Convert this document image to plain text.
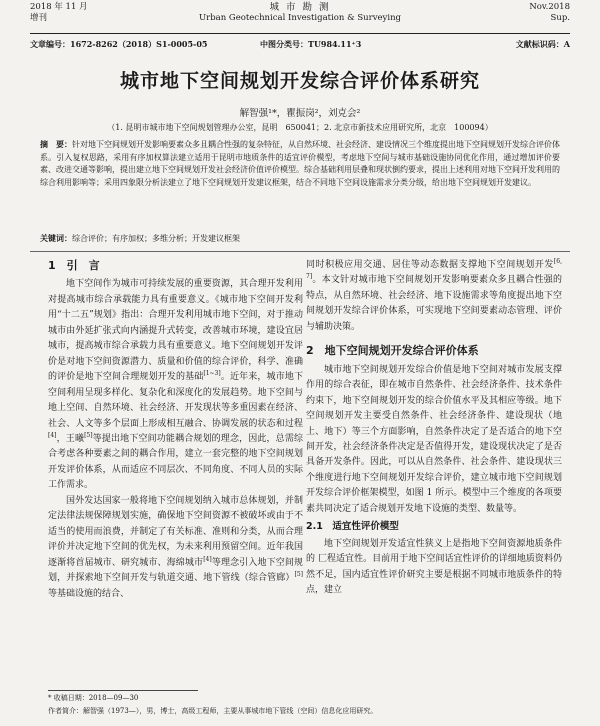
2018 年 11 月
增刊
城 市 勘 测
Urban Geotechnical Investigation & Surveying
Nov.2018
Sup.
文章编号：1672-8262（2018）S1-0005-05	中图分类号：TU984.11⁺3	文献标识码：A
城市地下空间规划开发综合评价体系研究
解智强¹*，瞿振岗²，刘克会²
（1. 昆明市城市地下空间规划管理办公室，昆明　650041；2. 北京市新技术应用研究所，北京　100094）
摘　要：针对地下空间规划开发影响要素众多且耦合性强的复杂特征，从自然环境、社会经济、建设情况三个维度提出地下空间规划开发综合评价体系。引入复权思路，采用有序加权算法建立适用于昆明市地质条件的适宜评价模型，考虑地下空间与城市基础设施协同优化作用，通过增加评价要素、改进交通等影响，提出建立地下空间规划开发社会经济价值评价模型。综合基础利用层叠和现状倒约要求，提出上述利用对地下空间开发利用的综合利用影响等；采用四象限分析法建立了地下空间规划开发建议框架，结合不同地下空间设施需求分类分级，给出地下空间规划开发建议。
关键词：综合评价；有序加权；多维分析；开发建议框架
1　引　言

地下空间作为城市可持续发展的重要资源，其合理开发利用对提高城市综合承载能力具有重要意义。《城市地下空间开发利用“十二五”规划》指出：合理开发利用城市地下空间，对于推动城市由外延扩张式向内涵提升式转变，改善城市环境，建设宜居城市，提高城市综合承载力具有重要意义。地下空间规划开发评价是对地下空间资源潜力、质量和价值的综合评价，科学、准确的评价是地下空间合理规划开发的基础[1~3]。近年来，城市地下空间利用呈现多样化、复杂化和深度化的发展趋势。地下空间与地上空间、自然环境、社会经济、开发现状等多重因素在经济、社会、人文等多个层面上形成相互融合、协调发展的状态和过程[4]，王曦[5]等提出地下空间功能耦合规划的理念，因此，总需综合考虑各种要素之间的耦合作用，建立一套完整的地下空间规划开发评价体系，从而适应不同层次、不同角度、不同人员的实际工作需求。

国外发达国家一般将地下空间规划纳入城市总体规划，并制定法律法规保障规划实施，确保地下空间资源不被破坏或由于不适当的使用而浪费，并制定了有关标准、准则和分类，从而合理评价并决定地下空间的优先权，为未来利用预留空间。近年我国逐渐将首届城市、研究城市、海绵城市[4]等理念引入地下空间规划，并探索地下空间开发与轨道交通、地下管线（综合管廊）[5]等基础设施的结合、

同时积极应用交通、居住等动态数据支撑地下空间规划开发[6, 7]。本文针对城市地下空间规划开发影响要素众多且耦合性强的特点，从自然环境、社会经济、地下设施需求等角度提出地下空间规划开发综合评价体系，可实现地下空间要素动态管理、评价与辅助决策。

2　地下空间规划开发综合评价体系

城市地下空间规划开发综合价值是地下空间对城市发展支撑作用的综合表征，即在城市自然条件、社会经济条件、技术条件约束下，地下空间规划开发的综合价值水平及其相应等级。地下空间规划开发主要受自然条件、社会经济条件、建设现状（地上、地下）等三个方面影响，自然条件决定了是否适合的地下空间开发，社会经济条件决定是否值得开发，建设现状决定了是否具备开发条件。因此，可以从自然条件、社会条件、建设现状三个维度进行地下空间规划开发综合评价，建立城市地下空间规划开发综合评价框架模型，如图 1 所示。模型中三个维度的各项要素共同决定了适合规划开发地下设施的类型、数量等。

2.1　适宜性评价模型

地下空间规划开发适宜性狭义上是指地下空间资源地质条件的 匚程适宜性。目前用于地下空间话宜性评价的详细地质资料仍然不足，国内适宜性评价研究主要是根据不同城市地质条件的特点，建立

* 收稿日期：2018—09—30
作者简介：解智强（1973—），男，博士，高级工程师，主要从事城市地下管线（空间）信息化应用研究。
